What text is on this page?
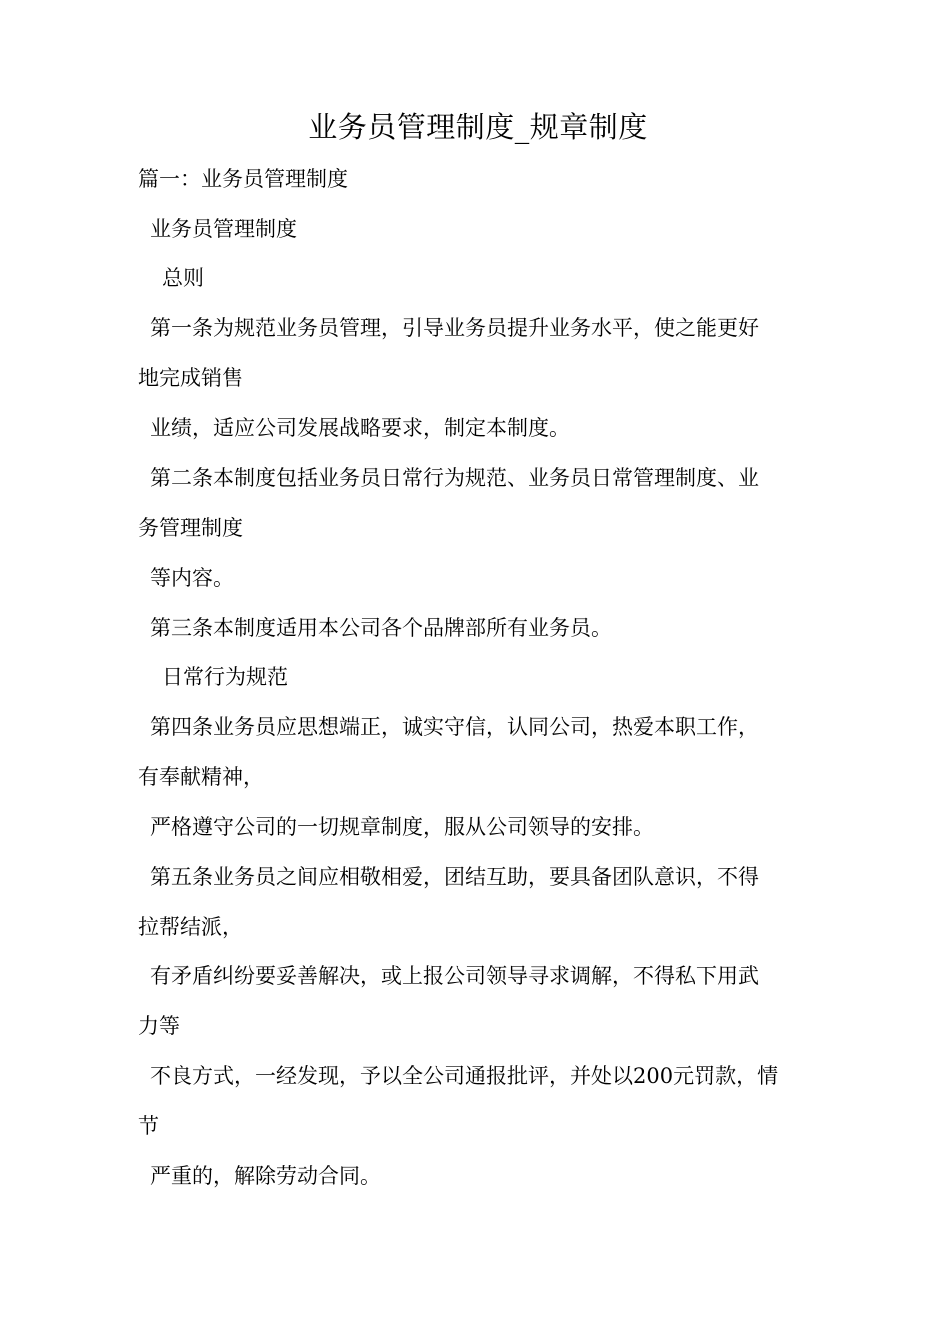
业务员管理制度_规章制度
篇一：业务员管理制度
业务员管理制度
总则
第一条为规范业务员管理，引导业务员提升业务水平，使之能更好
地完成销售
业绩，适应公司发展战略要求，制定本制度。
第二条本制度包括业务员日常行为规范、业务员日常管理制度、业
务管理制度
等内容。
第三条本制度适用本公司各个品牌部所有业务员。
日常行为规范
第四条业务员应思想端正，诚实守信，认同公司，热爱本职工作，
有奉献精神，
严格遵守公司的一切规章制度，服从公司领导的安排。
第五条业务员之间应相敬相爱，团结互助，要具备团队意识，不得
拉帮结派，
有矛盾纠纷要妥善解决，或上报公司领导寻求调解，不得私下用武
力等
不良方式，一经发现，予以全公司通报批评，并处以200元罚款，情
节
严重的，解除劳动合同。
